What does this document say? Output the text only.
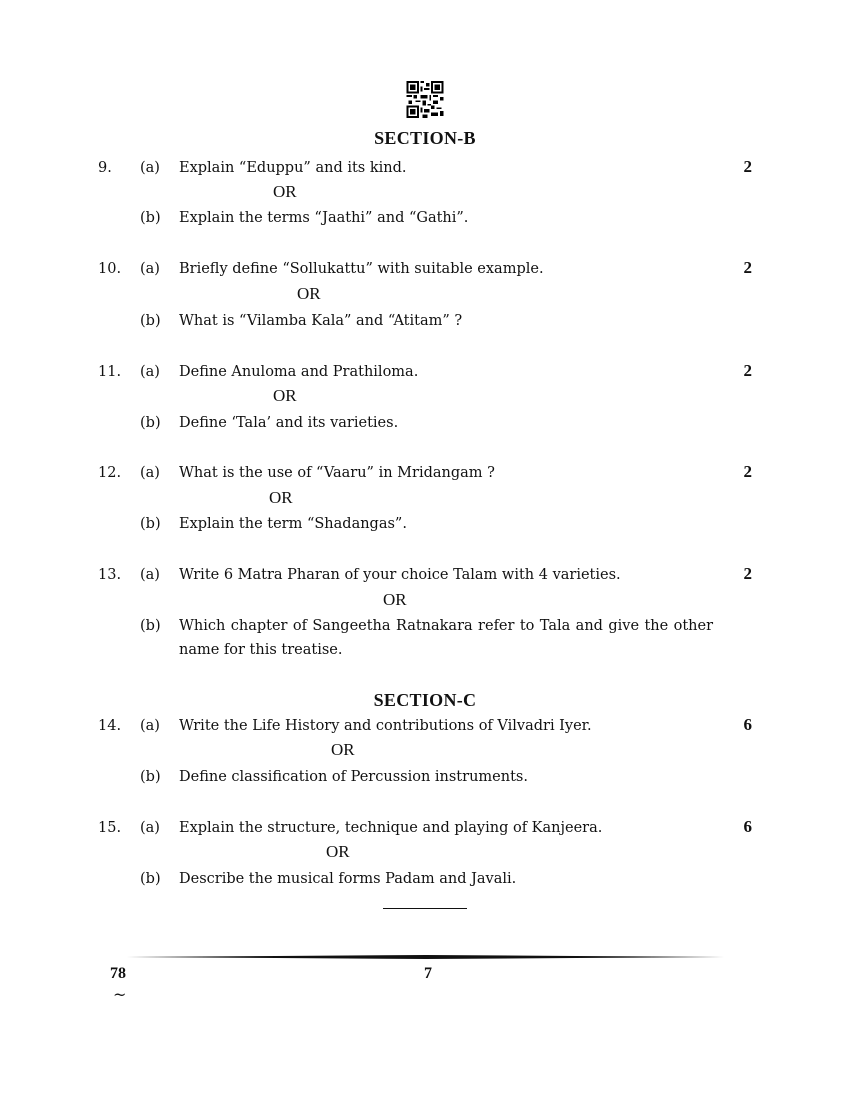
SECTION-B
9.	(a) Explain “Eduppu” and its kind.	2
OR
(b) Explain the terms “Jaathi” and “Gathi”.
10.	(a) Briefly define “Sollukattu” with suitable example.	2
OR
(b) What is “Vilamba Kala” and “Atitam” ?
11.	(a) Define Anuloma and Prathiloma.	2
OR
(b) Define ‘Tala’ and its varieties.
12.	(a) What is the use of “Vaaru” in Mridangam ?	2
OR
(b) Explain the term “Shadangas”.
13.	(a) Write 6 Matra Pharan of your choice Talam with 4 varieties.	2
OR
(b) Which chapter of Sangeetha Ratnakara refer to Tala and give the other name for this treatise.
SECTION-C
14.	(a) Write the Life History and contributions of Vilvadri Iyer.	6
OR
(b) Define classification of Percussion instruments.
15.	(a) Explain the structure, technique and playing of Kanjeera.	6
OR
(b) Describe the musical forms Padam and Javali.
78	7
~
